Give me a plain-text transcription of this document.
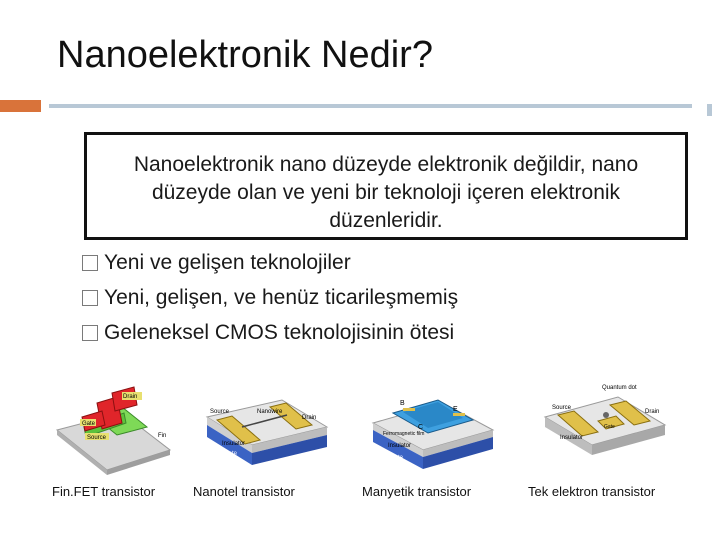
Nanoelektronik Nedir?

Nanoelektronik nano düzeyde elektronik değildir, nano düzeyde olan ve yeni bir teknoloji içeren elektronik düzenleridir.

Yeni ve gelişen teknolojiler
Yeni, gelişen, ve henüz ticarileşmemiş
Geleneksel CMOS teknolojisinin ötesi
Drain
Gate
Source	Fin
Source	Nanowire
Drain
Insulator
Gate
B
E
C
Ferromagnetic film
Insulator
Gate
Source
Quantum dot
Drain
Gate
Insulator
Fin.FET transistor	Nanotel transistor	Manyetik transistor	Tek elektron transistor
